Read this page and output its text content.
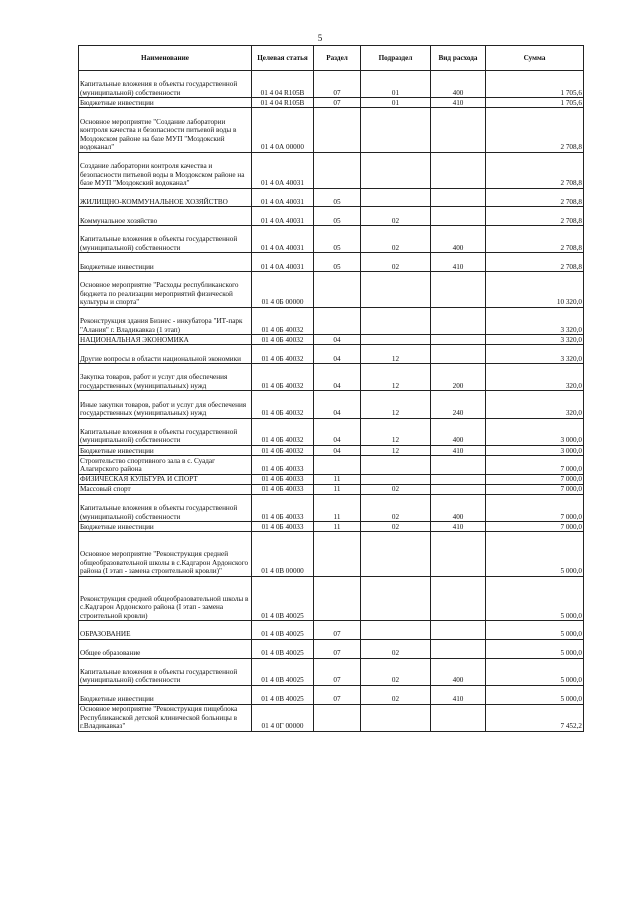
5
Наименование	Целевая статья	Раздел	Подраздел	Вид расхода	Сумма
Капитальные вложения в объекты государственной (муниципальной) собственности	01 4 04 R105B	07	01	400	1 705,6
Бюджетные инвестиции	01 4 04 R105B	07	01	410	1 705,6
Основное мероприятие "Создание лаборатории контроля качества и безопасности питьевой воды в Моздокском районе на базе МУП "Моздокский водоканал"	01 4 0А 00000				2 708,8
Создание лаборатории контроля качества и безопасности питьевой воды в Моздокском районе на базе МУП "Моздокский водоканал"	01 4 0А 40031				2 708,8
ЖИЛИЩНО-КОММУНАЛЬНОЕ ХОЗЯЙСТВО	01 4 0А 40031	05			2 708,8
Коммунальное хозяйство	01 4 0А 40031	05	02		2 708,8
Капитальные вложения в объекты государственной (муниципальной) собственности	01 4 0А 40031	05	02	400	2 708,8
Бюджетные инвестиции	01 4 0А 40031	05	02	410	2 708,8
Основное мероприятие "Расходы республиканского бюджета по реализации мероприятий физической культуры и спорта"	01 4 0Б 00000				10 320,0
Реконструкция здания Бизнес - инкубатора "ИТ-парк "Алания" г. Владикавказ (1 этап)	01 4 0Б 40032				3 320,0
НАЦИОНАЛЬНАЯ ЭКОНОМИКА	01 4 0Б 40032	04			3 320,0
Другие вопросы в области национальной экономики	01 4 0Б 40032	04	12		3 320,0
Закупка товаров, работ и услуг для обеспечения государственных (муниципальных) нужд	01 4 0Б 40032	04	12	200	320,0
Иные закупки товаров, работ и услуг для обеспечения государственных (муниципальных) нужд	01 4 0Б 40032	04	12	240	320,0
Капитальные вложения в объекты государственной (муниципальной) собственности	01 4 0Б 40032	04	12	400	3 000,0
Бюджетные инвестиции	01 4 0Б 40032	04	12	410	3 000,0
Строительство спортивного зала в с. Суадаг Алагирского района	01 4 0Б 40033				7 000,0
ФИЗИЧЕСКАЯ КУЛЬТУРА И СПОРТ	01 4 0Б 40033	11			7 000,0
Массовый спорт	01 4 0Б 40033	11	02		7 000,0
Капитальные вложения в объекты государственной (муниципальной) собственности	01 4 0Б 40033	11	02	400	7 000,0
Бюджетные инвестиции	01 4 0Б 40033	11	02	410	7 000,0
Основное мероприятие "Реконструкция средней общеобразовательной школы в с.Кадгарон Ардонского района (I этап - замена строительной кровли)"	01 4 0В 00000				5 000,0
Реконструкция средней общеобразовательной школы в с.Кадгарон Ардонского района (I этап - замена строительной кровли)	01 4 0В 40025				5 000,0
ОБРАЗОВАНИЕ	01 4 0В 40025	07			5 000,0
Общее образование	01 4 0В 40025	07	02		5 000,0
Капитальные вложения в объекты государственной (муниципальной) собственности	01 4 0В 40025	07	02	400	5 000,0
Бюджетные инвестиции	01 4 0В 40025	07	02	410	5 000,0
Основное мероприятие "Реконструкция пищеблока Республиканской детской клинической больницы в г.Владикавказ"	01 4 0Г 00000				7 452,2
